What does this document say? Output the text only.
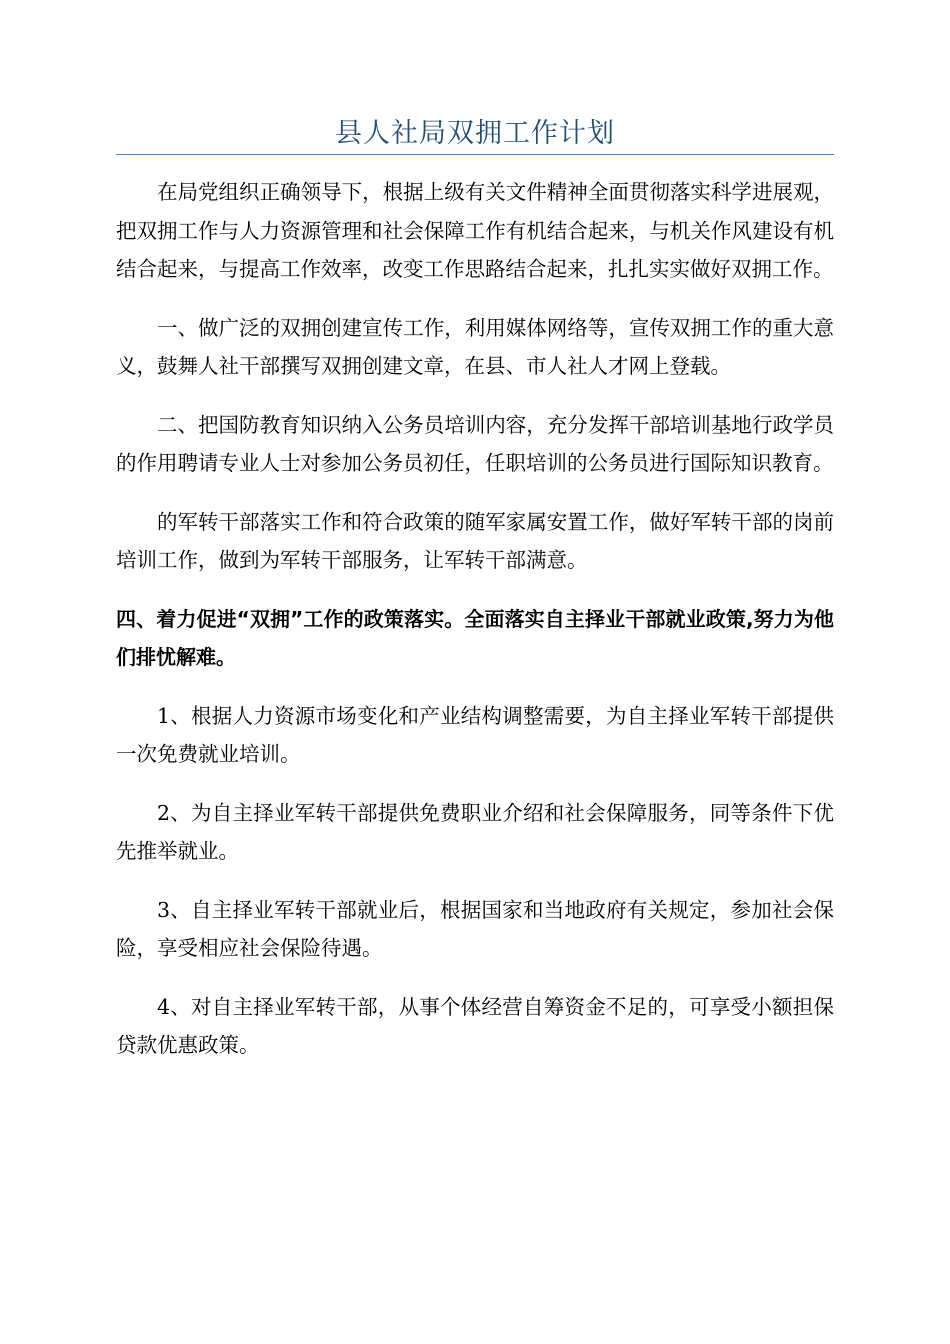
县人社局双拥工作计划

在局党组织正确领导下，根据上级有关文件精神全面贯彻落实科学进展观，把双拥工作与人力资源管理和社会保障工作有机结合起来，与机关作风建设有机结合起来，与提高工作效率，改变工作思路结合起来，扎扎实实做好双拥工作。

一、做广泛的双拥创建宣传工作，利用媒体网络等，宣传双拥工作的重大意义，鼓舞人社干部撰写双拥创建文章，在县、市人社人才网上登载。

二、把国防教育知识纳入公务员培训内容，充分发挥干部培训基地行政学员的作用聘请专业人士对参加公务员初任，任职培训的公务员进行国际知识教育。

的军转干部落实工作和符合政策的随军家属安置工作，做好军转干部的岗前培训工作，做到为军转干部服务，让军转干部满意。

四、着力促进“双拥”工作的政策落实。全面落实自主择业干部就业政策,努力为他们排忧解难。

1、根据人力资源市场变化和产业结构调整需要，为自主择业军转干部提供一次免费就业培训。

2、为自主择业军转干部提供免费职业介绍和社会保障服务，同等条件下优先推举就业。

3、自主择业军转干部就业后，根据国家和当地政府有关规定，参加社会保险，享受相应社会保险待遇。

4、对自主择业军转干部，从事个体经营自筹资金不足的，可享受小额担保贷款优惠政策。
